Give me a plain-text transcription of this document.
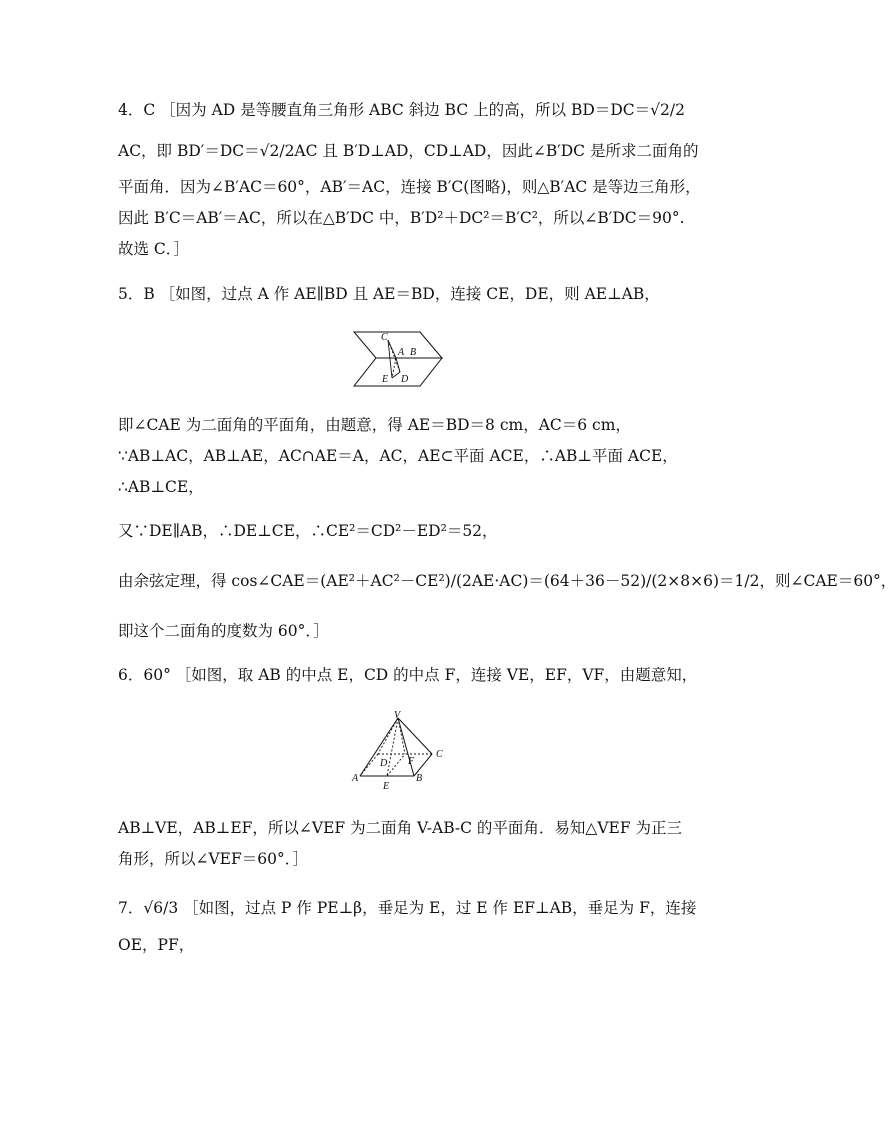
4．C ［因为 AD 是等腰直角三角形 ABC 斜边 BC 上的高，所以 BD＝DC＝√2/2
AC，即 BD′＝DC＝√2/2AC 且 B′D⊥AD，CD⊥AD，因此∠B′DC 是所求二面角的
平面角．因为∠B′AC＝60°，AB′＝AC，连接 B′C(图略)，则△B′AC 是等边三角形，
因此 B′C＝AB′＝AC，所以在△B′DC 中，B′D²＋DC²＝B′C²，所以∠B′DC＝90°.
故选 C．］
5．B ［如图，过点 A 作 AE∥BD 且 AE＝BD，连接 CE，DE，则 AE⊥AB，
C
A B
E D
即∠CAE 为二面角的平面角，由题意，得 AE＝BD＝8 cm，AC＝6 cm，
∵AB⊥AC，AB⊥AE，AC∩AE＝A，AC，AE⊂平面 ACE，∴AB⊥平面 ACE，
∴AB⊥CE，
又∵DE∥AB，∴DE⊥CE，∴CE²＝CD²－ED²＝52，
由余弦定理，得 cos∠CAE＝(AE²＋AC²－CE²)/(2AE·AC)＝(64＋36－52)/(2×8×6)＝1/2，则∠CAE＝60°，
即这个二面角的度数为 60°．］
6．60° ［如图，取 AB 的中点 E，CD 的中点 F，连接 VE，EF，VF，由题意知，
V
C
D F
A
E
B
AB⊥VE，AB⊥EF，所以∠VEF 为二面角 V-AB-C 的平面角．易知△VEF 为正三
角形，所以∠VEF＝60°．］
7．√6/3 ［如图，过点 P 作 PE⊥β，垂足为 E，过 E 作 EF⊥AB，垂足为 F，连接
OE，PF，
